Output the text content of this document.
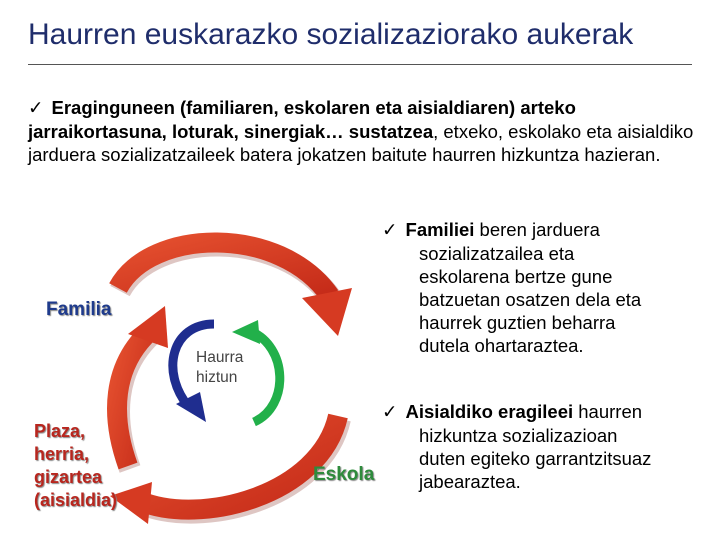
Haurren euskarazko sozializaziorako aukerak
✓ Eraginguneen (familiaren, eskolaren eta aisialdiaren) arteko jarraikortasuna, loturak, sinergiak… sustatzea, etxeko, eskolako eta aisialdiko jarduera sozializatzaileek batera jokatzen baitute haurren hizkuntza hazieran.
Familia
Plaza,
herria,
gizartea
(aisialdia)
Eskola
Haurra
hiztun
✓ Familiei beren jarduera
sozializatzailea eta
eskolarena bertze gune
batzuetan osatzen dela eta
haurrek guztien beharra
dutela ohartaraztea.
✓ Aisialdiko eragileei haurren
hizkuntza sozializazioan
duten egiteko garrantzitsuaz
jabearaztea.
